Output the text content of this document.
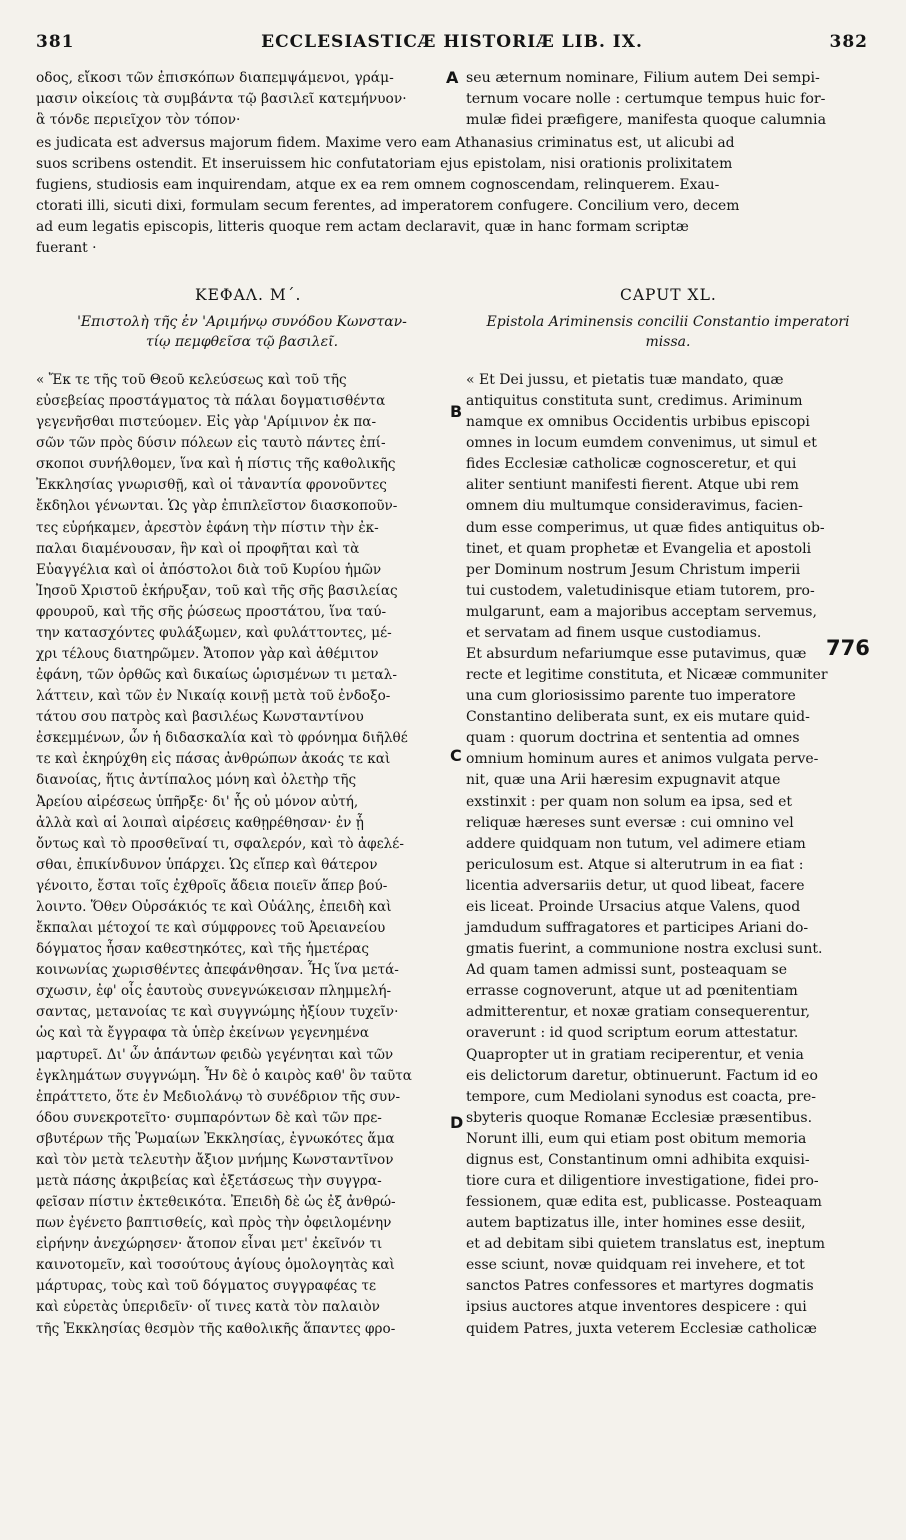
ECCLESIASTICÆ HISTORIÆ LIB. IX.
381	382
οδος, εἴκοσι τῶν ἐπισκόπων διαπεμψάμενοι, γράμ-
μασιν οἰκείοις τὰ συμβάντα τῷ βασιλεῖ κατεμήνυον·
ἃ τόνδε περιεῖχον τὸν τόπον·
A seu æternum nominare, Filium autem Dei sempi-
ternum vocare nolle : certumque tempus huic for-
mulæ fidei præfigere, manifesta quoque calumnia
es judicata est adversus majorum fidem. Maxime vero eam Athanasius criminatus est, ut alicubi ad
suos scribens ostendit. Et inseruissem hic confutatoriam ejus epistolam, nisi orationis prolixitatem
fugiens, studiosis eam inquirendam, atque ex ea rem omnem cognoscendam, relinquerem. Exau-
ctorati illi, sicuti dixi, formulam secum ferentes, ad imperatorem confugere. Concilium vero, decem
ad eum legatis episcopis, litteris quoque rem actam declaravit, quæ in hanc formam scriptæ
fuerant ·
ΚΕΦΑΛ. Μ΄.	CAPUT XL.
'Επιστολὴ τῆς ἐν 'Αριμήνῳ συνόδου Κωνσταν-
τίῳ πεμφθεῖσα τῷ βασιλεῖ.
Epistola Ariminensis concilii Constantio imperatori
missa.
B
C
D
776
« Ἔκ τε τῆς τοῦ Θεοῦ κελεύσεως καὶ τοῦ τῆς
εὐσεβείας προστάγματος τὰ πάλαι δογματισθέντα
γεγενῆσθαι πιστεύομεν. Εἰς γὰρ 'Αρίμινον ἐκ πα-
σῶν τῶν πρὸς δύσιν πόλεων εἰς ταυτὸ πάντες ἐπί-
σκοποι συνήλθομεν, ἵνα καὶ ἡ πίστις τῆς καθολικῆς
Ἐκκλησίας γνωρισθῇ, καὶ οἱ τἀναντία φρονοῦντες
ἔκδηλοι γένωνται. Ὡς γὰρ ἐπιπλεῖστον διασκοποῦν-
τες εὑρήκαμεν, ἀρεστὸν ἐφάνη τὴν πίστιν τὴν ἐκ-
παλαι διαμένουσαν, ἣν καὶ οἱ προφῆται καὶ τὰ
Εὐαγγέλια καὶ οἱ ἀπόστολοι διὰ τοῦ Κυρίου ἡμῶν
Ἰησοῦ Χριστοῦ ἐκήρυξαν, τοῦ καὶ τῆς σῆς βασιλείας
φρουροῦ, καὶ τῆς σῆς ῥώσεως προστάτου, ἵνα ταύ-
την κατασχόντες φυλάξωμεν, καὶ φυλάττοντες, μέ-
χρι τέλους διατηρῶμεν. Ἄτοπον γὰρ καὶ ἀθέμιτον
ἐφάνη, τῶν ὀρθῶς καὶ δικαίως ὡρισμένων τι μεταλ-
λάττειν, καὶ τῶν ἐν Νικαίᾳ κοινῇ μετὰ τοῦ ἐνδοξο-
τάτου σου πατρὸς καὶ βασιλέως Κωνσταντίνου
ἐσκεμμένων, ὧν ἡ διδασκαλία καὶ τὸ φρόνημα διῆλθέ
τε καὶ ἐκηρύχθη εἰς πάσας ἀνθρώπων ἀκοάς τε καὶ
διανοίας, ἥτις ἀντίπαλος μόνη καὶ ὀλετὴρ τῆς
Ἀρείου αἱρέσεως ὑπῆρξε· δι' ἧς οὐ μόνον αὐτή,
ἀλλὰ καὶ αἱ λοιπαὶ αἱρέσεις καθῃρέθησαν· ἐν ᾗ
ὄντως καὶ τὸ προσθεῖναί τι, σφαλερόν, καὶ τὸ ἀφελέ-
σθαι, ἐπικίνδυνον ὑπάρχει. Ὡς εἴπερ καὶ θάτερον
γένοιτο, ἔσται τοῖς ἐχθροῖς ἄδεια ποιεῖν ἅπερ βού-
λοιντο. Ὅθεν Οὐρσάκιός τε καὶ Οὐάλης, ἐπειδὴ καὶ
ἔκπαλαι μέτοχοί τε καὶ σύμφρονες τοῦ Ἀρειανείου
δόγματος ἦσαν καθεστηκότες, καὶ τῆς ἡμετέρας
κοινωνίας χωρισθέντες ἀπεφάνθησαν. Ἧς ἵνα μετά-
σχωσιν, ἐφ' οἷς ἑαυτοὺς συνεγνώκεισαν πλημμελή-
σαντας, μετανοίας τε καὶ συγγνώμης ἠξίουν τυχεῖν·
ὡς καὶ τὰ ἔγγραφα τὰ ὑπὲρ ἐκείνων γεγενημένα
μαρτυρεῖ. Δι' ὧν ἁπάντων φειδὼ γεγένηται καὶ τῶν
ἐγκλημάτων συγγνώμη. Ἦν δὲ ὁ καιρὸς καθ' ὃν ταῦτα
ἐπράττετο, ὅτε ἐν Μεδιολάνῳ τὸ συνέδριον τῆς συν-
όδου συνεκροτεῖτο· συμπαρόντων δὲ καὶ τῶν πρε-
σβυτέρων τῆς Ῥωμαίων Ἐκκλησίας, ἐγνωκότες ἅμα
καὶ τὸν μετὰ τελευτὴν ἄξιον μνήμης Κωνσταντῖνον
μετὰ πάσης ἀκριβείας καὶ ἐξετάσεως τὴν συγγρα-
φεῖσαν πίστιν ἐκτεθεικότα. Ἐπειδὴ δὲ ὡς ἐξ ἀνθρώ-
πων ἐγένετο βαπτισθείς, καὶ πρὸς τὴν ὀφειλομένην
εἰρήνην ἀνεχώρησεν· ἄτοπον εἶναι μετ' ἐκεῖνόν τι
καινοτομεῖν, καὶ τοσούτους ἁγίους ὁμολογητὰς καὶ
μάρτυρας, τοὺς καὶ τοῦ δόγματος συγγραφέας τε
καὶ εὑρετὰς ὑπεριδεῖν· οἵ τινες κατὰ τὸν παλαιὸν
τῆς Ἐκκλησίας θεσμὸν τῆς καθολικῆς ἅπαντες φρο-
« Et Dei jussu, et pietatis tuæ mandato, quæ
antiquitus constituta sunt, credimus. Ariminum
namque ex omnibus Occidentis urbibus episcopi
omnes in locum eumdem convenimus, ut simul et
fides Ecclesiæ catholicæ cognosceretur, et qui
aliter sentiunt manifesti fierent. Atque ubi rem
omnem diu multumque consideravimus, facien-
dum esse comperimus, ut quæ fides antiquitus ob-
tinet, et quam prophetæ et Evangelia et apostoli
per Dominum nostrum Jesum Christum imperii
tui custodem, valetudinisque etiam tutorem, pro-
mulgarunt, eam a majoribus acceptam servemus,
et servatam ad finem usque custodiamus.
Et absurdum nefariumque esse putavimus, quæ
recte et legitime constituta, et Nicææ communiter
una cum gloriosissimo parente tuo imperatore
Constantino deliberata sunt, ex eis mutare quid-
quam : quorum doctrina et sententia ad omnes
omnium hominum aures et animos vulgata perve-
nit, quæ una Arii hæresim expugnavit atque
exstinxit : per quam non solum ea ipsa, sed et
reliquæ hæreses sunt eversæ : cui omnino vel
addere quidquam non tutum, vel adimere etiam
periculosum est. Atque si alterutrum in ea fiat :
licentia adversariis detur, ut quod libeat, facere
eis liceat. Proinde Ursacius atque Valens, quod
jamdudum suffragatores et participes Ariani do-
gmatis fuerint, a communione nostra exclusi sunt.
Ad quam tamen admissi sunt, posteaquam se
errasse cognoverunt, atque ut ad pœnitentiam
admitterentur, et noxæ gratiam consequerentur,
oraverunt : id quod scriptum eorum attestatur.
Quapropter ut in gratiam reciperentur, et venia
eis delictorum daretur, obtinuerunt. Factum id eo
tempore, cum Mediolani synodus est coacta, pre-
sbyteris quoque Romanæ Ecclesiæ præsentibus.
Norunt illi, eum qui etiam post obitum memoria
dignus est, Constantinum omni adhibita exquisi-
tiore cura et diligentiore investigatione, fidei pro-
fessionem, quæ edita est, publicasse. Posteaquam
autem baptizatus ille, inter homines esse desiit,
et ad debitam sibi quietem translatus est, ineptum
esse sciunt, novæ quidquam rei invehere, et tot
sanctos Patres confessores et martyres dogmatis
ipsius auctores atque inventores despicere : qui
quidem Patres, juxta veterem Ecclesiæ catholicæ
